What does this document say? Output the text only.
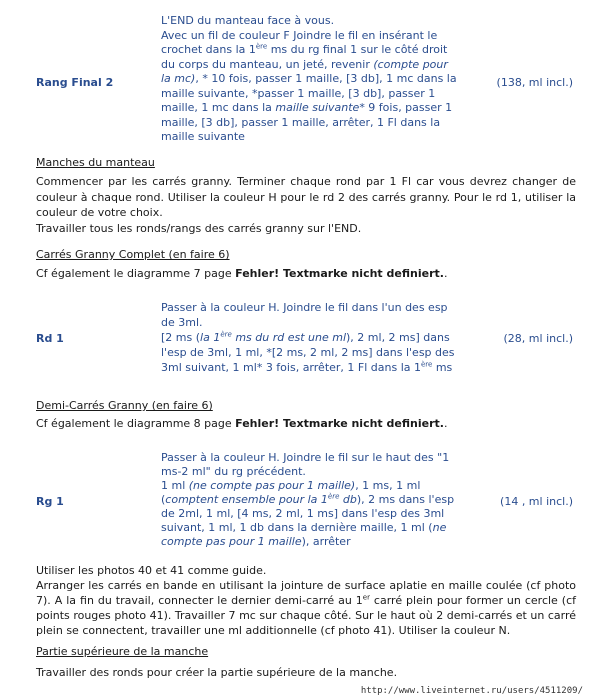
Rang Final 2
L'END du manteau face à vous.
Avec un fil de couleur F Joindre le fil en insérant le
crochet dans la 1ère ms du rg final 1 sur le côté droit
du corps du manteau, un jeté, revenir (compte pour
la mc), * 10 fois, passer 1 maille, [3 db], 1 mc dans la
maille suivante, *passer 1 maille, [3 db], passer 1
maille, 1 mc dans la maille suivante* 9 fois, passer 1
maille, [3 db], passer 1 maille, arrêter, 1 Fl dans la
maille suivante
(138, ml incl.)
Manches du manteau
Commencer par les carrés granny. Terminer chaque rond par 1 Fl car vous devrez changer de couleur à chaque rond. Utiliser la couleur H pour le rd 2 des carrés granny. Pour le rd 1, utiliser la couleur de votre choix.
Travailler tous les ronds/rangs des carrés granny sur l'END.
Carrés Granny Complet (en faire 6)
Cf également le diagramme 7 page Fehler! Textmarke nicht definiert..
Rd 1
Passer à la couleur H. Joindre le fil dans l'un des esp
de 3ml.
[2 ms (la 1ère ms du rd est une ml), 2 ml, 2 ms] dans
l'esp de 3ml, 1 ml, *[2 ms, 2 ml, 2 ms] dans l'esp des
3ml suivant, 1 ml* 3 fois, arrêter, 1 Fl dans la 1ère ms
(28, ml incl.)
Demi-Carrés Granny (en faire 6)
Cf également le diagramme 8 page Fehler! Textmarke nicht definiert..
Rg 1
Passer à la couleur H. Joindre le fil sur le haut des "1
ms-2 ml" du rg précédent.
1 ml (ne compte pas pour 1 maille), 1 ms, 1 ml
(comptent ensemble pour la 1ère db), 2 ms dans l'esp
de 2ml, 1 ml, [4 ms, 2 ml, 1 ms] dans l'esp des 3ml
suivant, 1 ml, 1 db dans la dernière maille, 1 ml (ne
compte pas pour 1 maille), arrêter
(14 , ml incl.)
Utiliser les photos 40 et 41 comme guide.
Arranger les carrés en bande en utilisant la jointure de surface aplatie en maille coulée (cf photo 7). A la fin du travail, connecter le dernier demi-carré au 1er carré plein pour former un cercle (cf points rouges photo 41). Travailler 7 mc sur chaque côté. Sur le haut où 2 demi-carrés et un carré plein se connectent, travailler une ml additionnelle (cf photo 41). Utiliser la couleur N.
Partie supérieure de la manche
Travailler des ronds pour créer la partie supérieure de la manche.
http://www.liveinternet.ru/users/4511209/
